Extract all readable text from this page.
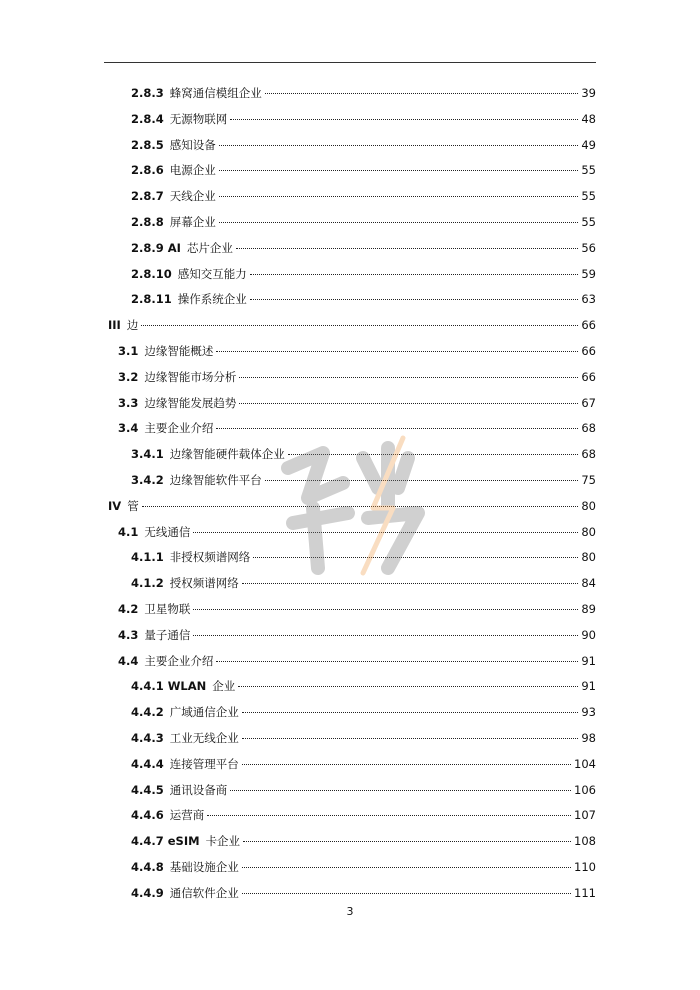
2.8.3 蜂窝通信模组企业	39
2.8.4 无源物联网	48
2.8.5 感知设备	49
2.8.6 电源企业	55
2.8.7 天线企业	55
2.8.8 屏幕企业	55
2.8.9 AI 芯片企业	56
2.8.10 感知交互能力	59
2.8.11 操作系统企业	63
III 边	66
3.1 边缘智能概述	66
3.2 边缘智能市场分析	66
3.3 边缘智能发展趋势	67
3.4 主要企业介绍	68
3.4.1 边缘智能硬件载体企业	68
3.4.2 边缘智能软件平台	75
IV 管	80
4.1 无线通信	80
4.1.1 非授权频谱网络	80
4.1.2 授权频谱网络	84
4.2 卫星物联	89
4.3 量子通信	90
4.4 主要企业介绍	91
4.4.1 WLAN 企业	91
4.4.2 广域通信企业	93
4.4.3 工业无线企业	98
4.4.4 连接管理平台	104
4.4.5 通讯设备商	106
4.4.6 运营商	107
4.4.7 eSIM 卡企业	108
4.4.8 基础设施企业	110
4.4.9 通信软件企业	111
3
